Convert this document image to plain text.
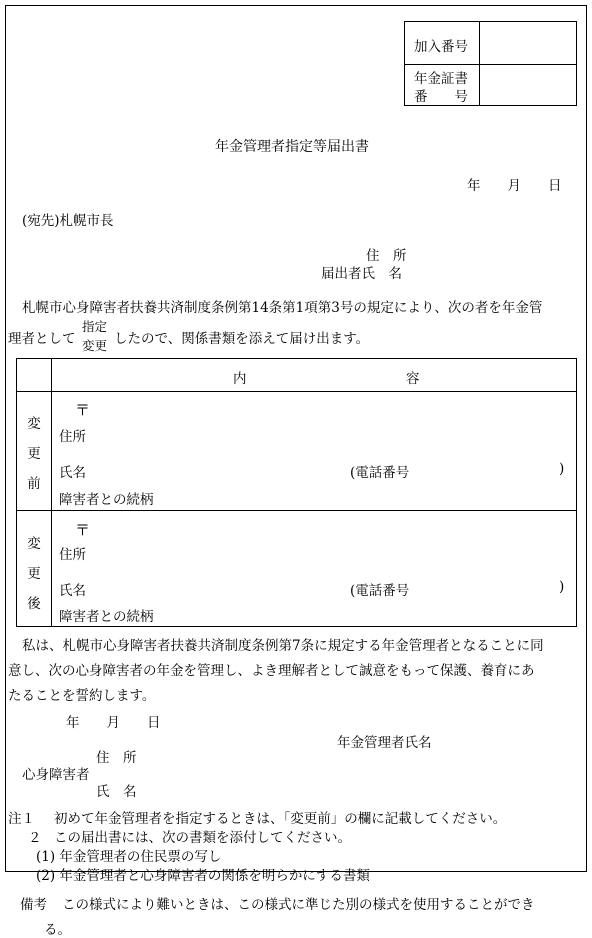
加入番号
年金証書
番　　号
年金管理者指定等届出書
年　　月　　日
(宛先)札幌市長
住　所
届出者氏　名
札幌市心身障害者扶養共済制度条例第14条第1項第3号の規定により、次の者を年金管
理者として
指定
変更 したので、関係書類を添えて届け出ます。
内	容
変
更
前
〒
住所
氏名	(電話番号	)
障害者との続柄
変
更
後
〒
住所
氏名	(電話番号	)
障害者との続柄
私は、札幌市心身障害者扶養共済制度条例第7条に規定する年金管理者となることに同
意し、次の心身障害者の年金を管理し、よき理解者として誠意をもって保護、養育にあ
たることを誓約します。
年　　月　　日
年金管理者氏名
住　所
心身障害者
氏　名
注１ 初めて年金管理者を指定するときは、「変更前」の欄に記載してください。
２ この届出書には、次の書類を添付してください。
(1) 年金管理者の住民票の写し
(2) 年金管理者と心身障害者の関係を明らかにする書類
備考 この様式により難いときは、この様式に準じた別の様式を使用することができ
る。
